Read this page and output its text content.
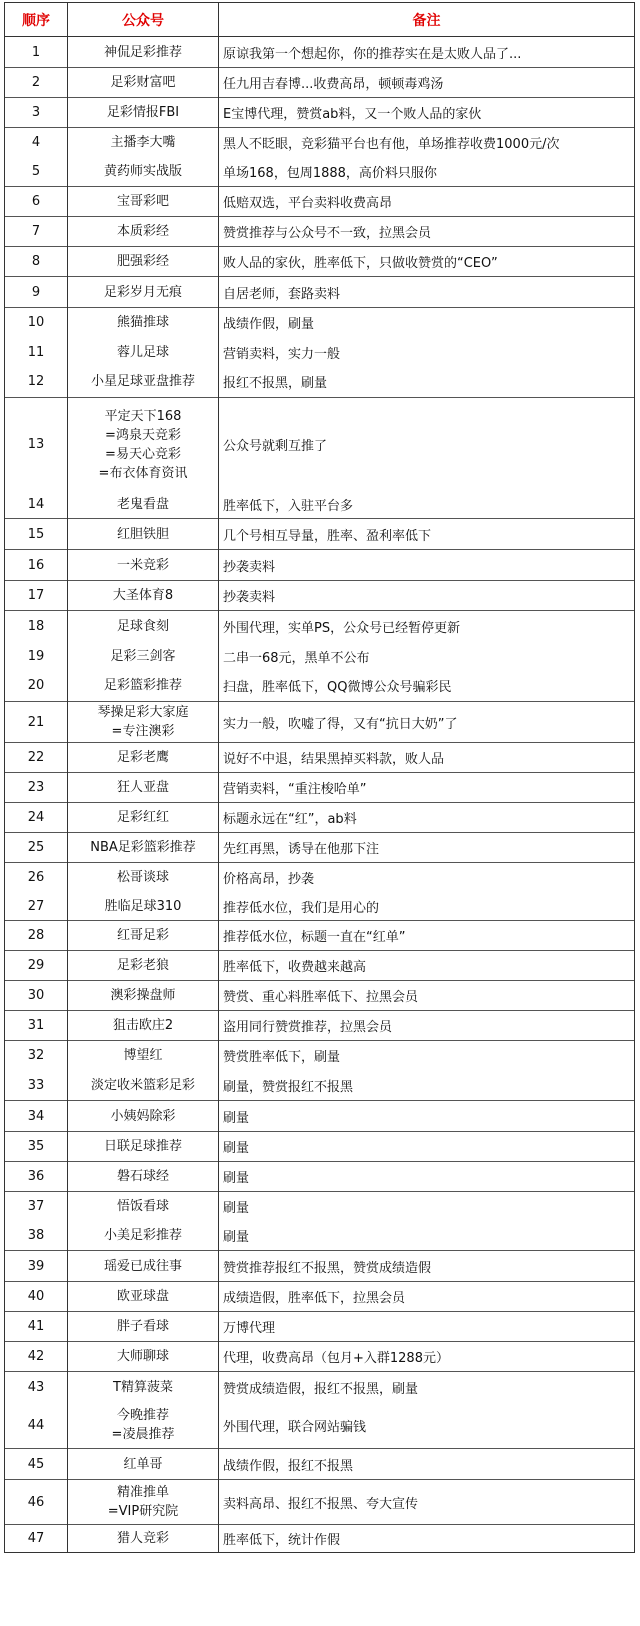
顺序	公众号	备注
1	神侃足彩推荐	原谅我第一个想起你，你的推荐实在是太败人品了...
2	足彩财富吧	任九用吉春博...收费高昂，顿顿毒鸡汤
3	足彩情报FBI	E宝博代理，赞赏ab料，又一个败人品的家伙
4	主播李大嘴	黑人不眨眼，竞彩猫平台也有他，单场推荐收费1000元/次
5	黄药师实战版	单场168，包周1888，高价料只服你
6	宝哥彩吧	低赔双选，平台卖料收费高昂
7	本质彩经	赞赏推荐与公众号不一致，拉黑会员
8	肥强彩经	败人品的家伙，胜率低下，只做收赞赏的“CEO”
9	足彩岁月无痕	自居老师，套路卖料
10	熊猫推球	战绩作假，刷量
11	蓉儿足球	营销卖料，实力一般
12	小星足球亚盘推荐	报红不报黑，刷量
13	平定天下168
=鸿泉天竞彩
=易天心竞彩
=布衣体育资讯	公众号就剩互推了
14	老鬼看盘	胜率低下，入驻平台多
15	红胆铁胆	几个号相互导量，胜率、盈利率低下
16	一米竞彩	抄袭卖料
17	大圣体育8	抄袭卖料
18	足球食刻	外围代理，实单PS，公众号已经暂停更新
19	足彩三剑客	二串一68元，黑单不公布
20	足彩篮彩推荐	扫盘，胜率低下，QQ微博公众号骗彩民
21	琴操足彩大家庭
=专注澳彩	实力一般，吹嘘了得，又有“抗日大奶”了
22	足彩老鹰	说好不中退，结果黑掉买料款，败人品
23	狂人亚盘	营销卖料，“重注梭哈单”
24	足彩红红	标题永远在“红”，ab料
25	NBA足彩篮彩推荐	先红再黑，诱导在他那下注
26	松哥谈球	价格高昂，抄袭
27	胜临足球310	推荐低水位，我们是用心的
28	红哥足彩	推荐低水位，标题一直在“红单”
29	足彩老狼	胜率低下，收费越来越高
30	澳彩操盘师	赞赏、重心料胜率低下、拉黑会员
31	狙击欧庄2	盗用同行赞赏推荐，拉黑会员
32	博望红	赞赏胜率低下，刷量
33	淡定收米篮彩足彩	刷量，赞赏报红不报黑
34	小姨妈除彩	刷量
35	日联足球推荐	刷量
36	磐石球经	刷量
37	悟饭看球	刷量
38	小美足彩推荐	刷量
39	瑶爱已成往事	赞赏推荐报红不报黑，赞赏成绩造假
40	欧亚球盘	成绩造假，胜率低下，拉黑会员
41	胖子看球	万博代理
42	大师聊球	代理，收费高昂（包月+入群1288元）
43	T精算菠菜	赞赏成绩造假，报红不报黑，刷量
44	今晚推荐
=凌晨推荐	外围代理，联合网站骗钱
45	红单哥	战绩作假，报红不报黑
46	精准推单
=VIP研究院	卖料高昂、报红不报黑、夸大宣传
47	猎人竞彩	胜率低下，统计作假
